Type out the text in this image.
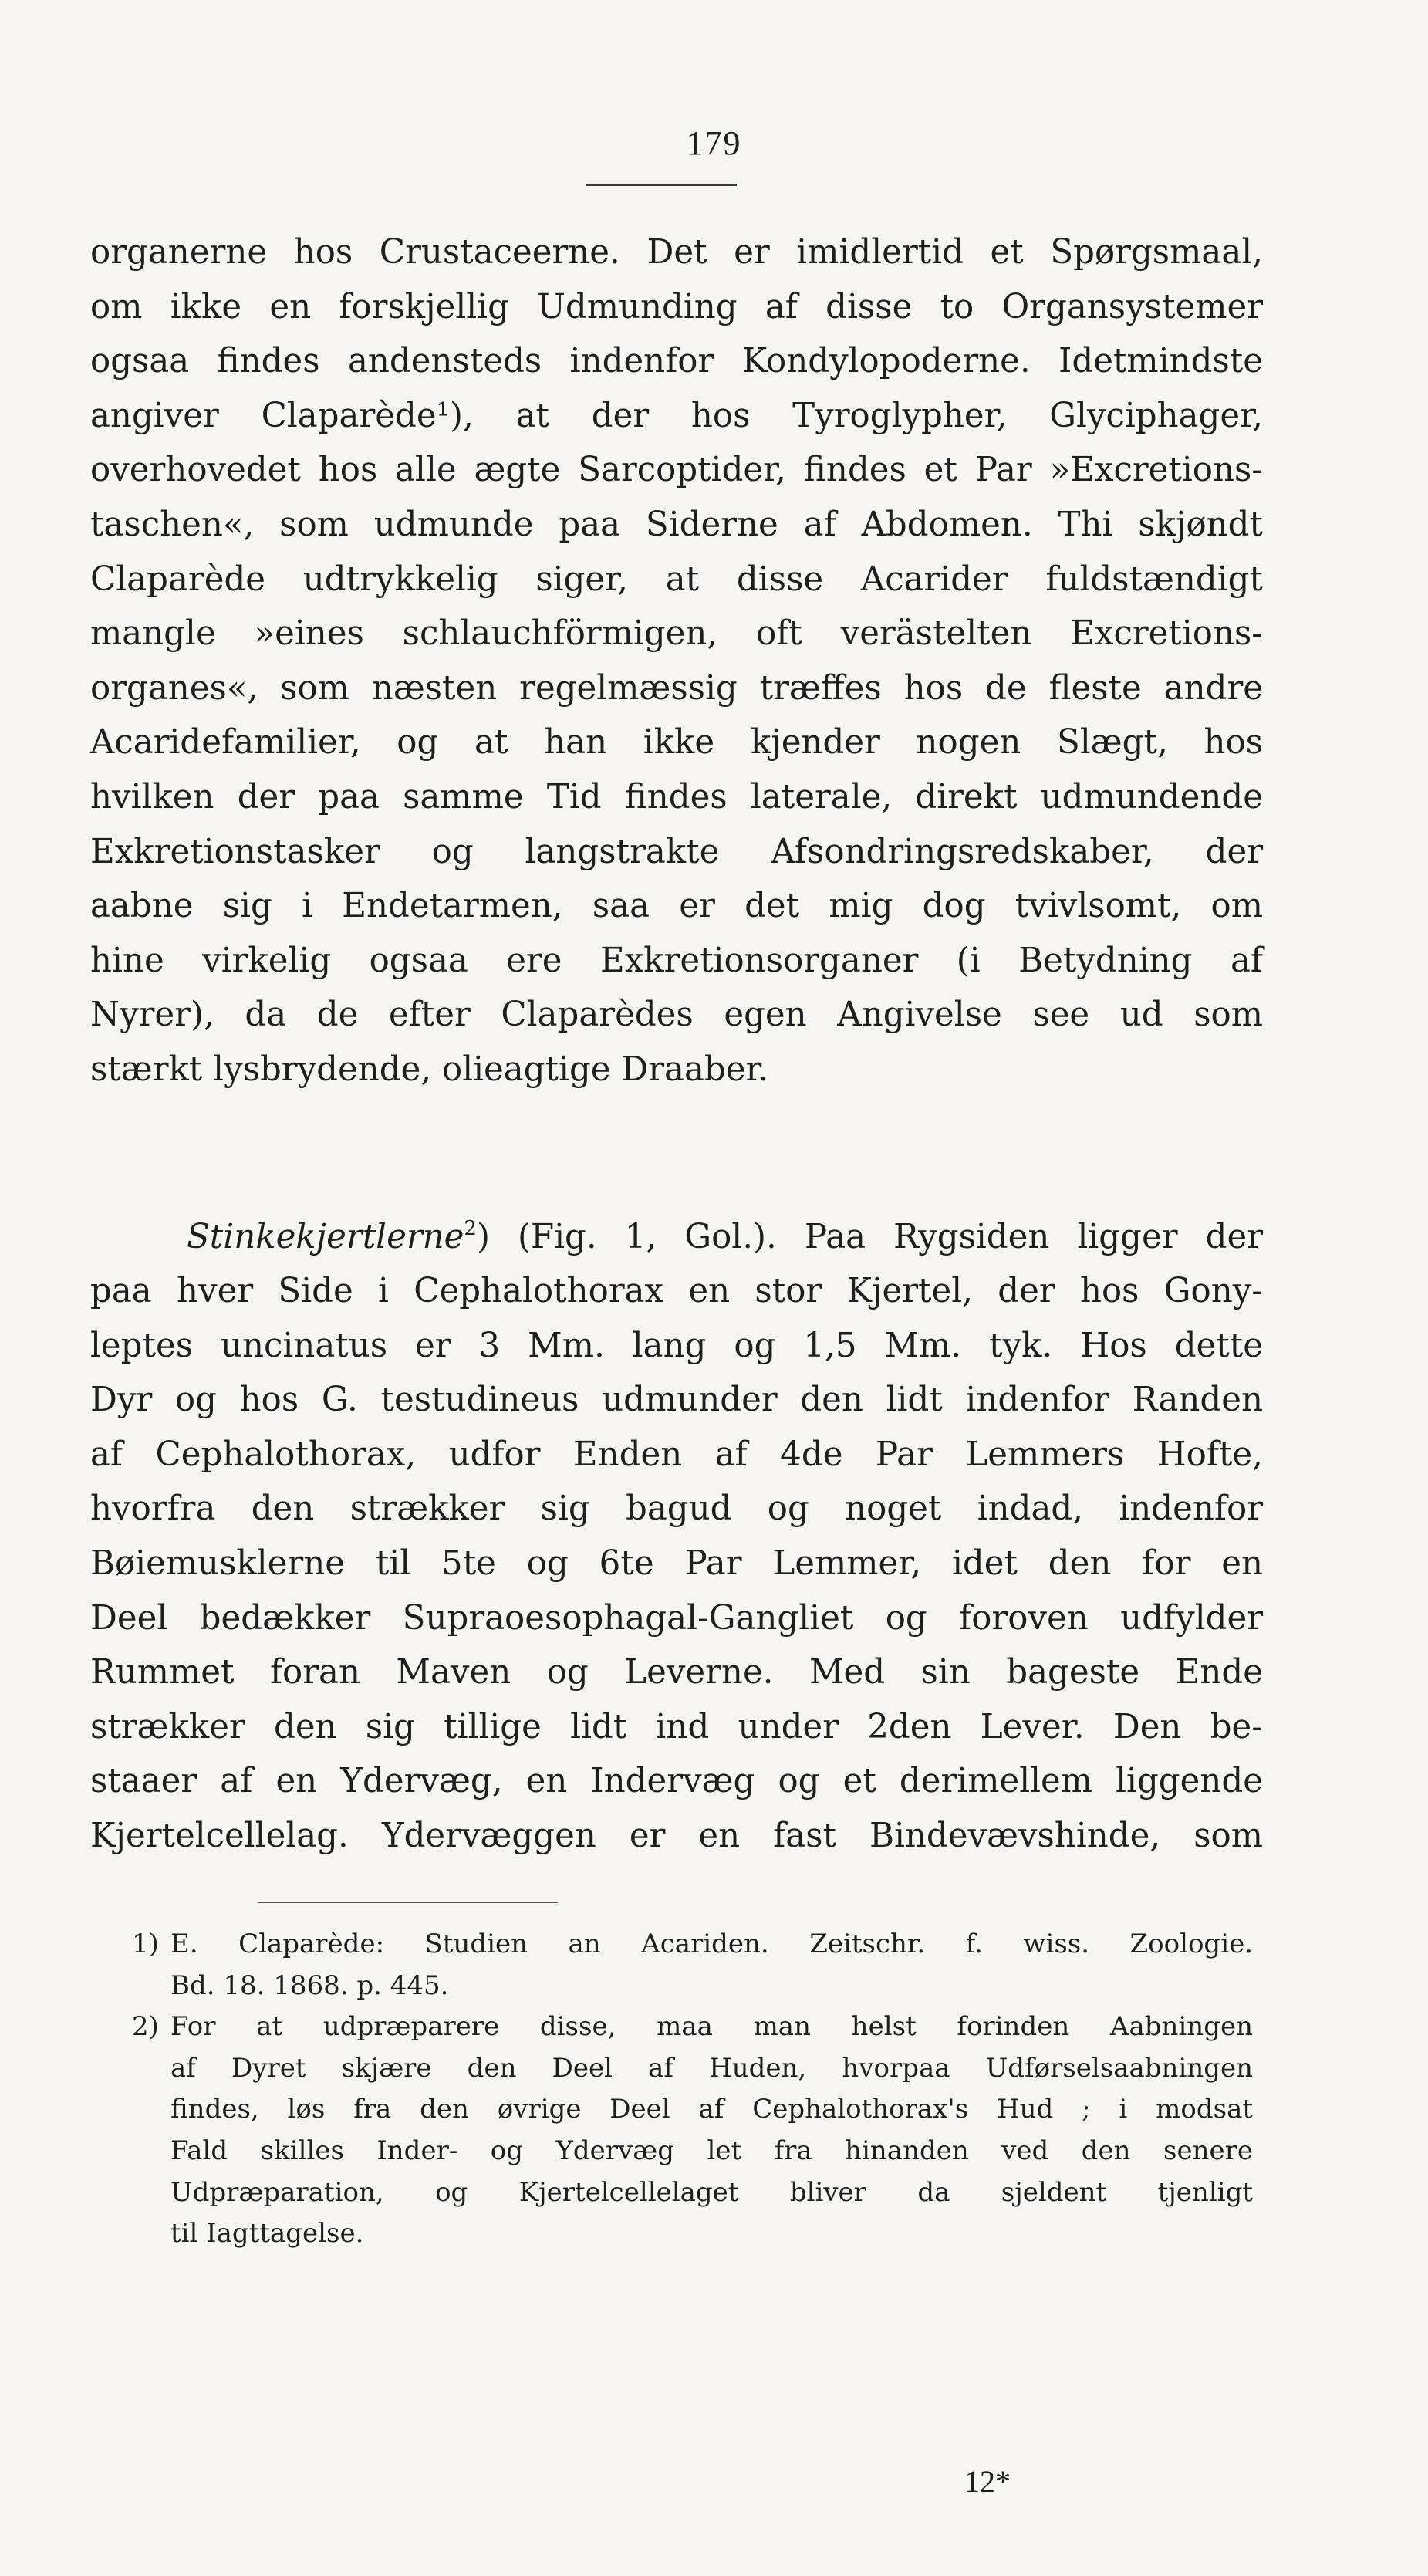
179
organerne hos Crustaceerne. Det er imidlertid et Spørgsmaal,
om ikke en forskjellig Udmunding af disse to Organsystemer
ogsaa findes andensteds indenfor Kondylopoderne. Idetmindste
angiver Claparède¹), at der hos Tyroglypher, Glyciphager,
overhovedet hos alle ægte Sarcoptider, findes et Par »Excretions-
taschen«, som udmunde paa Siderne af Abdomen. Thi skjøndt
Claparède udtrykkelig siger, at disse Acarider fuldstændigt
mangle »eines schlauchförmigen, oft verästelten Excretions-
organes«, som næsten regelmæssig træffes hos de fleste andre
Acaridefamilier, og at han ikke kjender nogen Slægt, hos
hvilken der paa samme Tid findes laterale, direkt udmundende
Exkretionstasker og langstrakte Afsondringsredskaber, der
aabne sig i Endetarmen, saa er det mig dog tvivlsomt, om
hine virkelig ogsaa ere Exkretionsorganer (i Betydning af
Nyrer), da de efter Claparèdes egen Angivelse see ud som
stærkt lysbrydende, olieagtige Draaber.
Stinkekjertlerne$^2$) (Fig. 1, Gol.). Paa Rygsiden ligger der
paa hver Side i Cephalothorax en stor Kjertel, der hos Gony-
leptes uncinatus er 3 Mm. lang og 1,5 Mm. tyk. Hos dette
Dyr og hos G. testudineus udmunder den lidt indenfor Randen
af Cephalothorax, udfor Enden af 4de Par Lemmers Hofte,
hvorfra den strækker sig bagud og noget indad, indenfor
Bøiemusklerne til 5te og 6te Par Lemmer, idet den for en
Deel bedækker Supraoesophagal-Gangliet og foroven udfylder
Rummet foran Maven og Leverne. Med sin bageste Ende
strækker den sig tillige lidt ind under 2den Lever. Den be-
staaer af en Ydervæg, en Indervæg og et derimellem liggende
Kjertelcellelag. Ydervæggen er en fast Bindevævshinde, som
1) E. Claparède: Studien an Acariden. Zeitschr. f. wiss. Zoologie.
Bd. 18. 1868. p. 445.
2) For at udpræparere disse, maa man helst forinden Aabningen
af Dyret skjære den Deel af Huden, hvorpaa Udførselsaabningen
findes, løs fra den øvrige Deel af Cephalothorax's Hud ; i modsat
Fald skilles Inder- og Ydervæg let fra hinanden ved den senere
Udpræparation, og Kjertelcellelaget bliver da sjeldent tjenligt
til Iagttagelse.
12*
